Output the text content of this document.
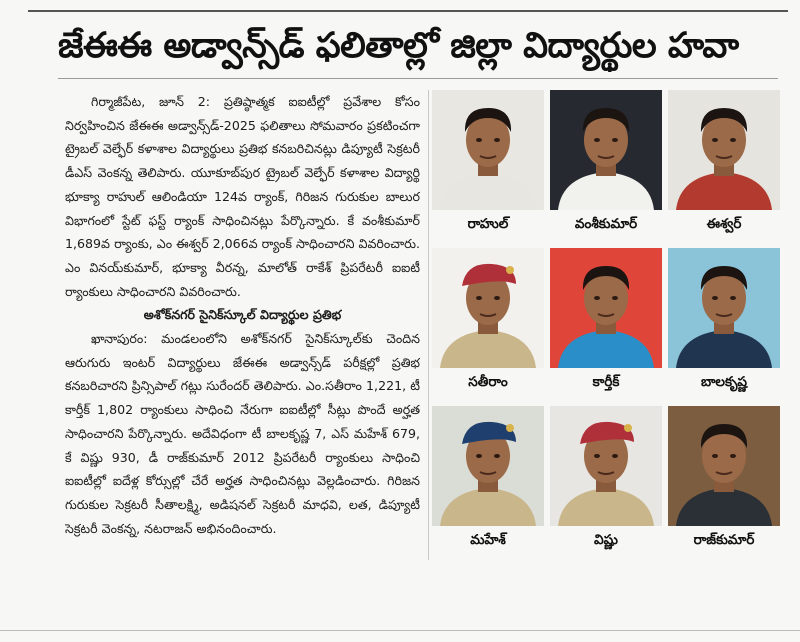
జేఈఈ అడ్వాన్స్‌డ్ ఫలితాల్లో జిల్లా విద్యార్థుల హవా

గిర్మాజీపేట, జూన్ 2: ప్రతిష్ఠాత్మక ఐఐటీల్లో ప్రవేశాల కోసం నిర్వహించిన జేఈఈ అడ్వాన్స్‌డ్-2025 ఫలితాలు సోమవారం ప్రకటించగా ట్రైబల్ వెల్ఫేర్ కళాశాల విద్యార్థులు ప్రతిభ కనబరిచినట్లు డిప్యూటీ సెక్రటరీ డీఎస్ వెంకన్న తెలిపారు. యూకూబ్‌పుర ట్రైబల్ వెల్ఫేర్ కళాశాల విద్యార్థి భూక్యా రాహుల్ ఆలిండియా 124వ ర్యాంక్, గిరిజన గురుకుల బాలుర విభాగంలో స్టేట్ ఫస్ట్ ర్యాంక్ సాధించినట్లు పేర్కొన్నారు. కే వంశీకుమార్ 1,689వ ర్యాంకు, ఎం ఈశ్వర్ 2,066వ ర్యాంక్ సాధించారని వివరించారు. ఎం వినయ్‌కుమార్, భూక్యా వీరన్న, మాలోత్ రాకేశ్ ప్రిపరేటరీ ఐఐటీ ర్యాంకులు సాధించారని వివరించారు.

అశోక్‌నగర్ సైనిక్‌స్కూల్ విద్యార్థుల ప్రతిభ

ఖానాపురం: మండలంలోని అశోక్‌నగర్ సైనిక్‌స్కూల్‌కు చెందిన ఆరుగురు ఇంటర్ విద్యార్థులు జేఈఈ అడ్వాన్స్‌డ్ పరీక్షల్లో ప్రతిభ కనబరిచారని ప్రిన్సిపాల్ గట్లు సురేందర్ తెలిపారు. ఎం.సతీరాం 1,221, టీ కార్తీక్ 1,802 ర్యాంకులు సాధించి నేరుగా ఐఐటీల్లో సీట్లు పొందే అర్హత సాధించారని పేర్కొన్నారు. అదేవిధంగా టీ బాలకృష్ణ 7, ఎస్ మహేశ్ 679, కే విష్ణు 930, డీ రాజ్‌కుమార్ 2012 ప్రిపరేటరీ ర్యాంకులు సాధించి ఐఐటీల్లో ఐదేళ్ల కోర్సుల్లో చేరే అర్హత సాధించినట్లు వెల్లడించారు. గిరిజన గురుకుల సెక్రటరీ సీతాలక్ష్మి, అడిషనల్ సెక్రటరీ మాధవి, లత, డిప్యూటీ సెక్రటరీ వెంకన్న, నటరాజన్ అభినందించారు.

రాహుల్	వంశీకుమార్	ఈశ్వర్
సతీరాం	కార్తీక్	బాలకృష్ణ
మహేశ్	విష్ణు	రాజ్‌కుమార్
